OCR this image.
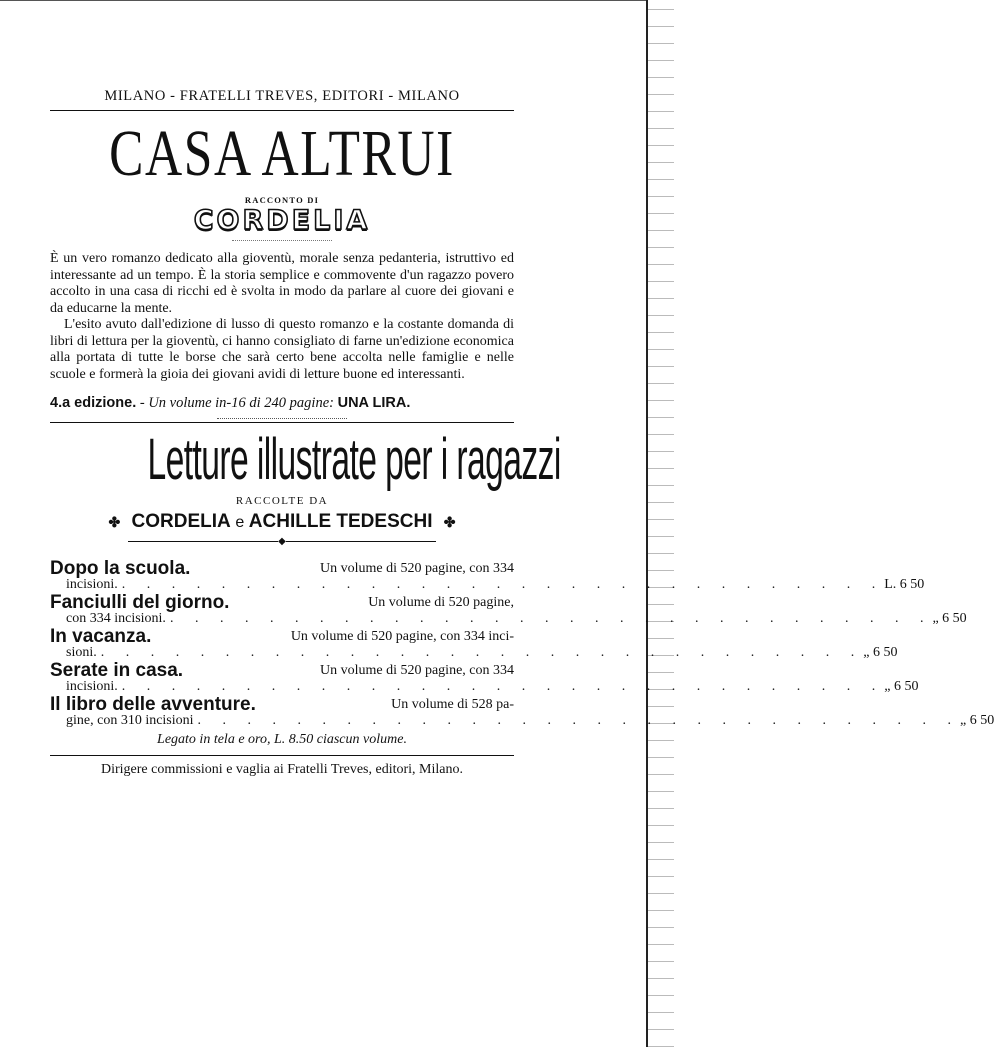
MILANO - FRATELLI TREVES, EDITORI - MILANO
CASA ALTRUI
RACCONTO DI
CORDELIA

È un vero romanzo dedicato alla gioventù, morale senza pedanteria, istruttivo ed interessante ad un tempo. È la storia semplice e commovente d'un ragazzo povero accolto in una casa di ricchi ed è svolta in modo da parlare al cuore dei giovani e da educarne la mente.

L'esito avuto dall'edizione di lusso di questo romanzo e la costante domanda di libri di lettura per la gioventù, ci hanno consigliato di farne un'edizione economica alla portata di tutte le borse che sarà certo bene accolta nelle famiglie e nelle scuole e formerà la gioia dei giovani avidi di letture buone ed interessanti.

4.a edizione. - Un volume in-16 di 240 pagine: UNA LIRA.
Letture illustrate per i ragazzi
RACCOLTE DA
✤ CORDELIA e ACHILLE TEDESCHI ✤
◆
Dopo la scuola.	Un volume di 520 pagine, con 334
incisioni. . . . . . . . . . . . . . . . . . . . . . . . . . . . . . . . L. 6 50
Fanciulli del giorno.	Un volume di 520 pagine,
con 334 incisioni. . . . . . . . . . . . . . . . . . . . . . . . . . . . . . . . „ 6 50
In vacanza.	Un volume di 520 pagine, con 334 inci-
sioni. . . . . . . . . . . . . . . . . . . . . . . . . . . . . . . . „ 6 50
Serate in casa.	Un volume di 520 pagine, con 334
incisioni. . . . . . . . . . . . . . . . . . . . . . . . . . . . . . . . „ 6 50
Il libro delle avventure.	Un volume di 528 pa-
gine, con 310 incisioni . . . . . . . . . . . . . . . . . . . . . . . . . . . . . . . „ 6 50
Legato in tela e oro, L. 8.50 ciascun volume.
Dirigere commissioni e vaglia ai Fratelli Treves, editori, Milano.
